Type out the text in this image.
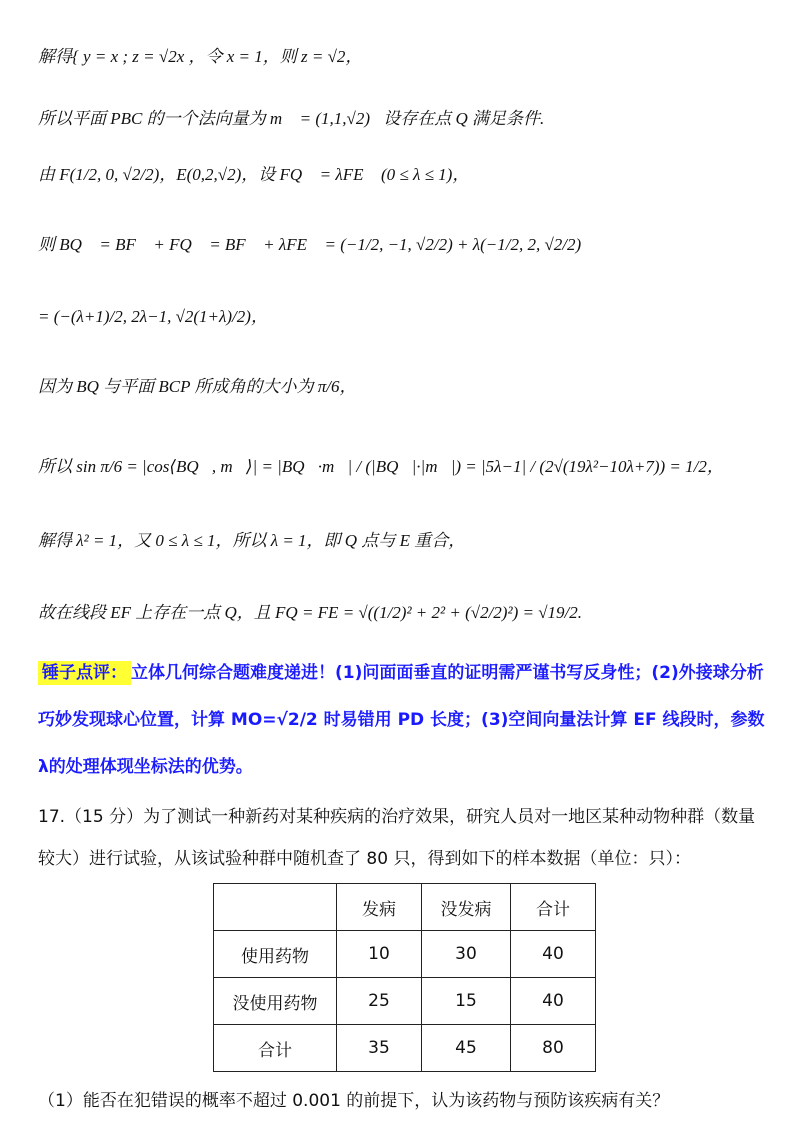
解得{ y = x ; z = √2x ，令 x = 1，则 z = √2，
所以平面 PBC 的一个法向量为 m⃗ = (1,1,√2)，设存在点 Q 满足条件.
由 F(1/2, 0, √2/2)，E(0,2,√2)，设 FQ⃗ = λFE⃗ (0 ≤ λ ≤ 1)，
则 BQ⃗ = BF⃗ + FQ⃗ = BF⃗ + λFE⃗ = (−1/2, −1, √2/2) + λ(−1/2, 2, √2/2)
= (−(λ+1)/2, 2λ−1, √2(1+λ)/2)，
因为 BQ 与平面 BCP 所成角的大小为 π/6，
所以 sin π/6 = |cos⟨BQ⃗, m⃗⟩| = |BQ⃗·m⃗| / (|BQ⃗|·|m⃗|) = |5λ−1| / (2√(19λ²−10λ+7)) = 1/2，
解得 λ² = 1，又 0 ≤ λ ≤ 1，所以 λ = 1，即 Q 点与 E 重合，
故在线段 EF 上存在一点 Q，且 FQ = FE = √((1/2)² + 2² + (√2/2)²) = √19/2.
锤子点评： 立体几何综合题难度递进！(1)问面面垂直的证明需严谨书写反身性；(2)外接球分析巧妙发现球心位置，计算 MO=√2/2 时易错用 PD 长度；(3)空间向量法计算 EF 线段时，参数λ的处理体现坐标法的优势。
17.（15 分）为了测试一种新药对某种疾病的治疗效果，研究人员对一地区某种动物种群（数量较大）进行试验，从该试验种群中随机查了 80 只，得到如下的样本数据（单位：只）：
	发病	没发病	合计
使用药物	10	30	40
没使用药物	25	15	40
合计	35	45	80
（1）能否在犯错误的概率不超过 0.001 的前提下，认为该药物与预防该疾病有关？
